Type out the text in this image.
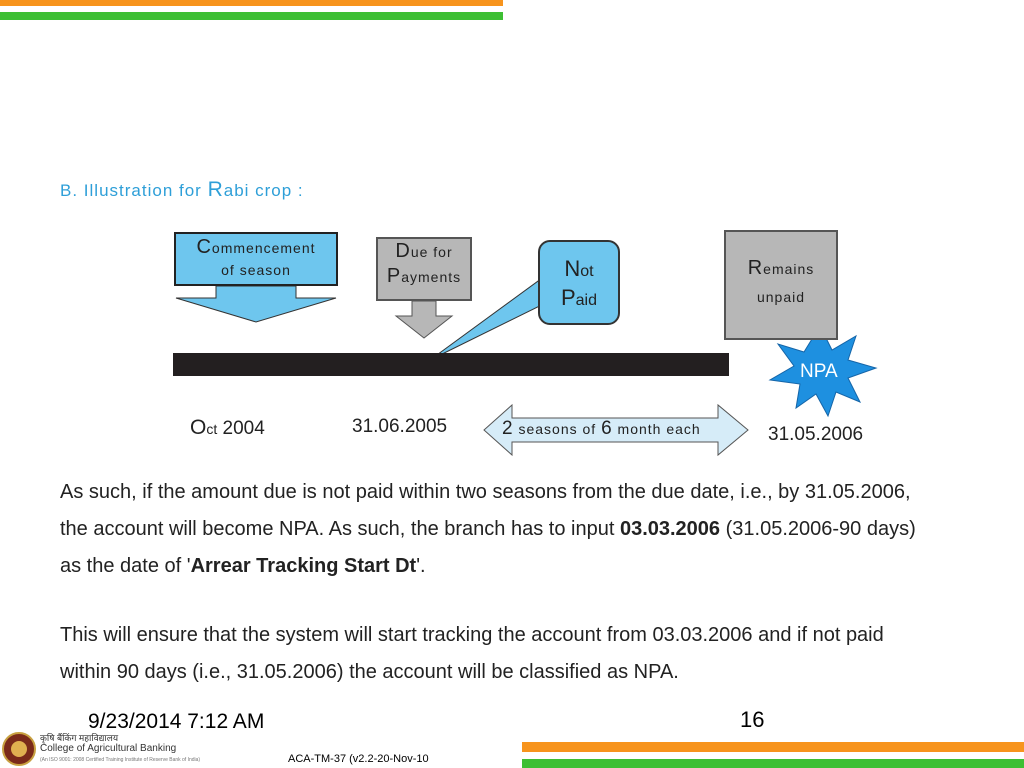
B. Illustration for Rabi crop :
Commencement
of season
Due for
Payments	Not
Paid
Remains
unpaid
NPA
Oct 2004	31.06.2005	31.05.2006
2 seasons of 6 month each
As such, if the amount due is not paid within two seasons from the due date, i.e., by 31.05.2006,
the account will become NPA. As such, the branch has to input 03.03.2006 (31.05.2006-90 days)
as the date of 'Arrear Tracking Start Dt'.
This will ensure that the system will start tracking the account from 03.03.2006 and if not paid
within 90 days (i.e., 31.05.2006) the account will be classified as NPA.
कृषि बैंकिंग महाविद्यालय
College of Agricultural Banking
(An ISO 9001: 2008 Certified Training Institute of Reserve Bank of India)
9/23/2014 7:12 AM	16
ACA-TM-37 (v2.2-20-Nov-10
